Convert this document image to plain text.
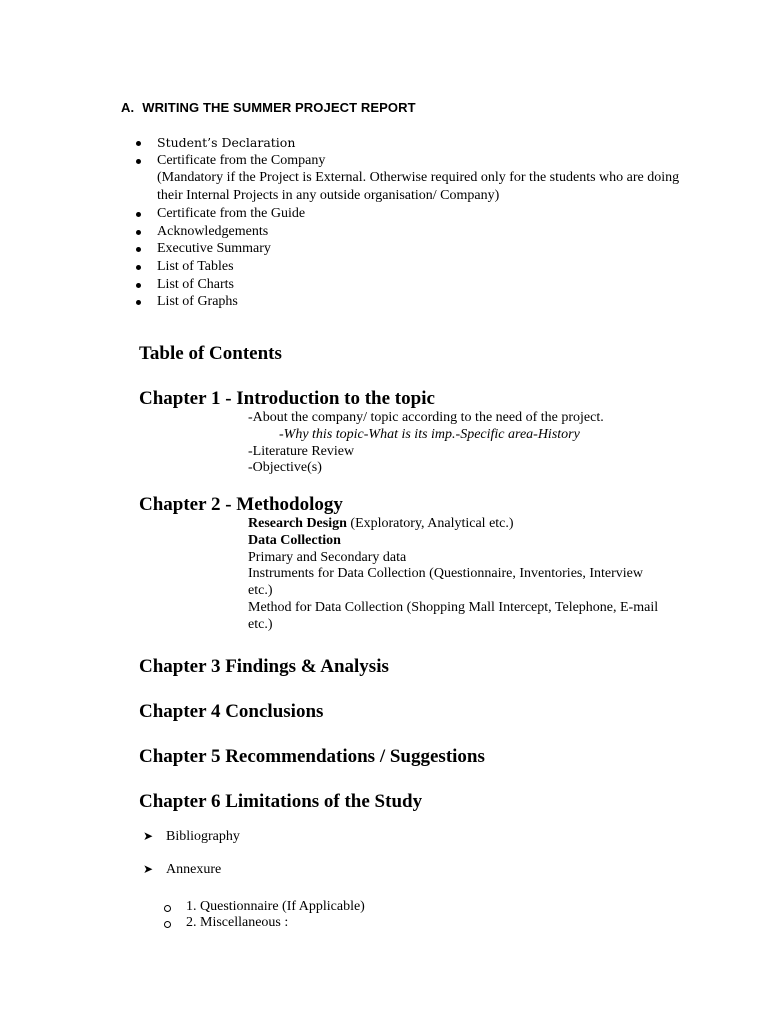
A. WRITING THE SUMMER PROJECT REPORT
Student’s Declaration
Certificate from the Company
(Mandatory if the Project is External. Otherwise required only for the students who are doing their Internal Projects in any outside organisation/ Company)
Certificate from the Guide
Acknowledgements
Executive Summary
List of Tables
List of Charts
List of Graphs
Table of Contents
Chapter 1 - Introduction to the topic
-About the company/ topic according to the need of the project.
-Why this topic-What is its imp.-Specific area-History
-Literature Review
-Objective(s)
Chapter 2 - Methodology
Research Design (Exploratory, Analytical etc.)
Data Collection
Primary and Secondary data
Instruments for Data Collection (Questionnaire, Inventories, Interview etc.)
Method for Data Collection (Shopping Mall Intercept, Telephone, E-mail etc.)
Chapter 3 Findings & Analysis
Chapter 4 Conclusions
Chapter 5 Recommendations / Suggestions
Chapter 6 Limitations of the Study
➤ Bibliography
➤ Annexure
1. Questionnaire (If Applicable)
2. Miscellaneous :
